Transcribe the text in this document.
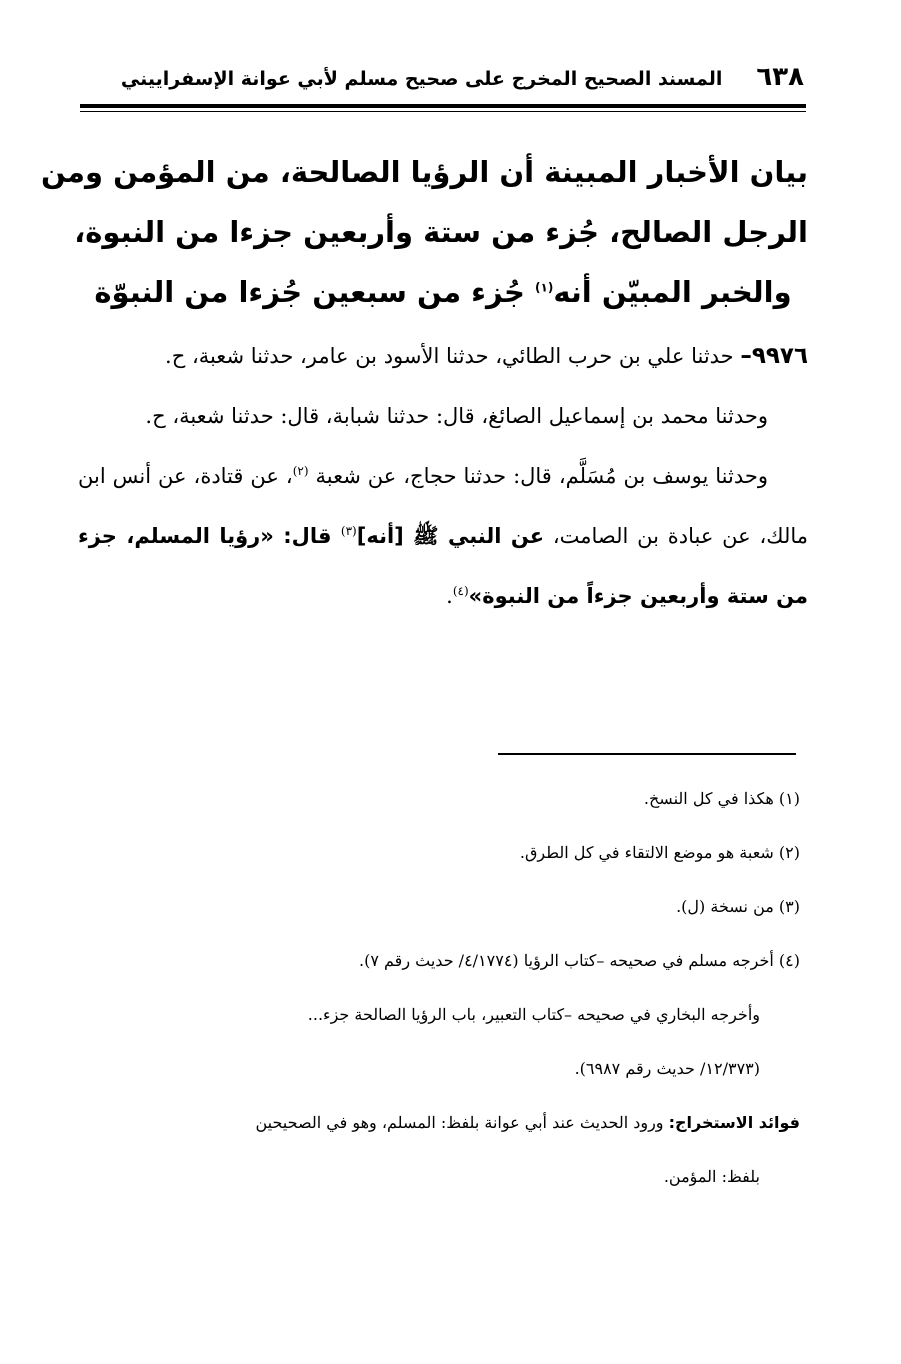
٦٣٨
المسند الصحيح المخرج على صحيح مسلم لأبي عوانة الإسفراييني
بيان الأخبار المبينة أن الرؤيا الصالحة، من المؤمن ومن
الرجل الصالح، جُزء من ستة وأربعين جزءا من النبوة،
والخبر المبيّن أنه$^{(١)}$ جُزء من سبعين جُزءا من النبوّة

٩٩٧٦– حدثنا علي بن حرب الطائي، حدثنا الأسود بن عامر، حدثنا شعبة، ح.

وحدثنا محمد بن إسماعيل الصائغ، قال: حدثنا شبابة، قال: حدثنا شعبة، ح.

وحدثنا يوسف بن مُسَلَّم، قال: حدثنا حجاج، عن شعبة $^{(٢)}$، عن قتادة، عن أنس ابن مالك، عن عبادة بن الصامت، عن النبي ﷺ [أنه]$^{(٣)}$ قال: «رؤيا المسلم، جزء من ستة وأربعين جزءاً من النبوة»$^{(٤)}$.

(١) هكذا في كل النسخ.

(٢) شعبة هو موضع الالتقاء في كل الطرق.

(٣) من نسخة (ل).

(٤) أخرجه مسلم في صحيحه –كتاب الرؤيا (٤/١٧٧٤/ حديث رقم ٧).

وأخرجه البخاري في صحيحه –كتاب التعبير، باب الرؤيا الصالحة جزء...

(١٢/٣٧٣/ حديث رقم ٦٩٨٧).

فوائد الاستخراج: ورود الحديث عند أبي عوانة بلفظ: المسلم، وهو في الصحيحين

بلفظ: المؤمن.
